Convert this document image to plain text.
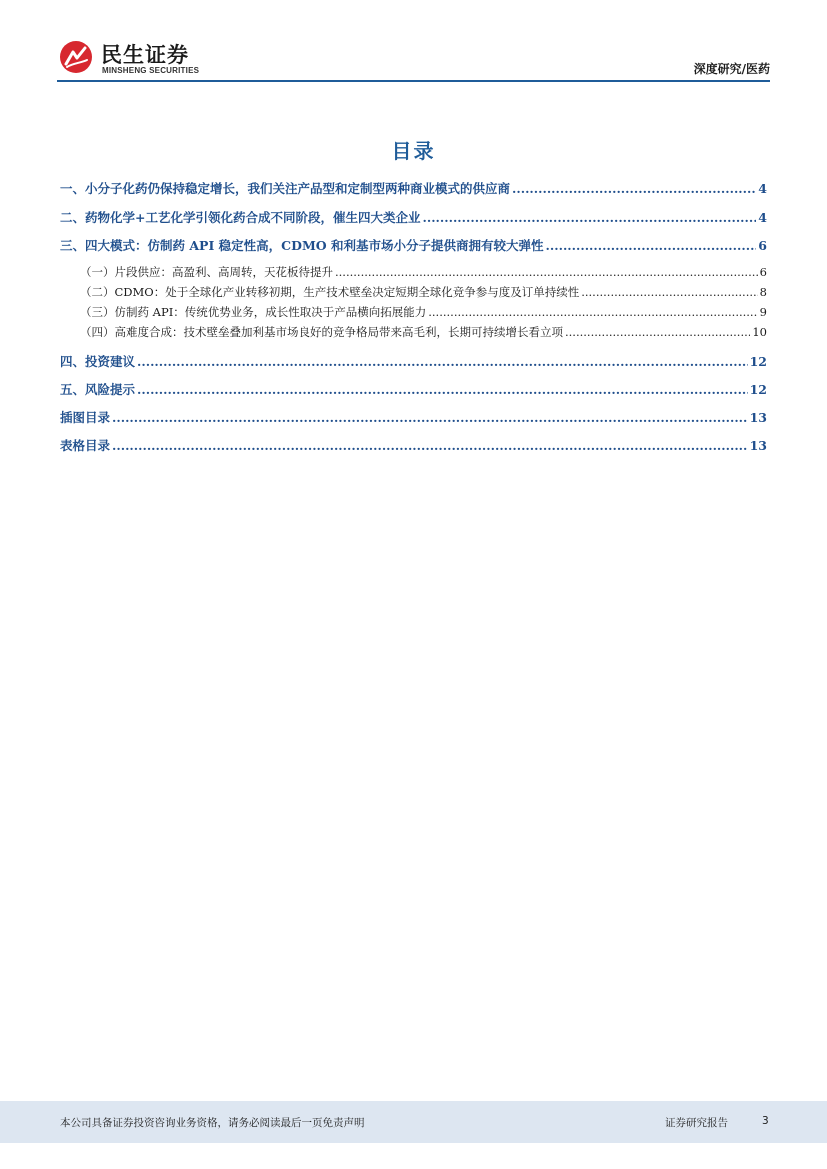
民生证券
MINSHENG SECURITIES	深度研究/医药
目录
一、小分子化药仍保持稳定增长，我们关注产品型和定制型两种商业模式的供应商 .....	4
二、药物化学+工艺化学引领化药合成不同阶段，催生四大类企业 .....	4
三、四大模式：仿制药 API 稳定性高，CDMO 和利基市场小分子提供商拥有较大弹性 .....	6
（一）片段供应：高盈利、高周转，天花板待提升 .....	6
（二）CDMO：处于全球化产业转移初期，生产技术壁垒决定短期全球化竞争参与度及订单持续性 .....	8
（三）仿制药 API：传统优势业务，成长性取决于产品横向拓展能力 .....	9
（四）高难度合成：技术壁垒叠加利基市场良好的竞争格局带来高毛利，长期可持续增长看立项 .....	10
四、投资建议 .....	12
五、风险提示 .....	12
插图目录 .....	13
表格目录 .....	13
本公司具备证券投资咨询业务资格，请务必阅读最后一页免责声明	证券研究报告	3
